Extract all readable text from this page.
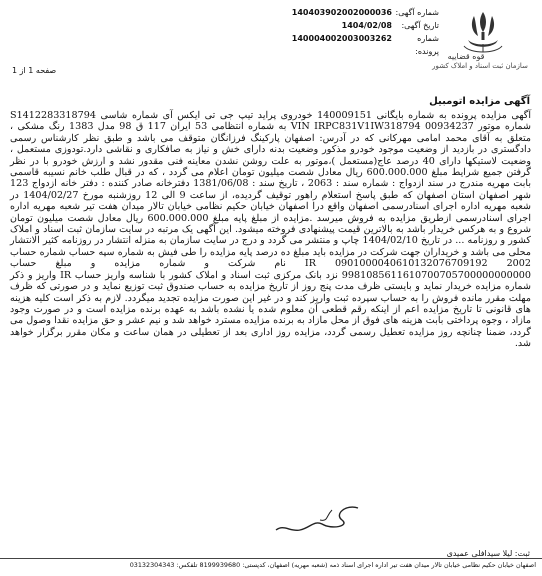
شماره آگهی:
تاریخ آگهی:
شماره پرونده:
140403902002000036
1404/02/08
140004002003003262
قوه قضاییه
سازمان ثبت اسناد و املاک کشور
صفحه 1 از 1
آگهی مزایده اتومبیل
آگهی مزایده پرونده به شماره بایگانی 140009151 خودروی پراید تیپ جی تی ایکس آی شماره شاسی S1412283318794 شماره موتور 00934237 VIN IRPC831V1IW318794 به شماره انتظامی 53 ایران 117 ق 98 مدل 1383 رنگ مشکی ، متعلق به آقای محمد امامی مهرکانی که در آدرس: اصفهان پارکینگ فرزانگان متوقف می باشد و طبق نظر کارشناس رسمی دادگستری در بازدید از وضعیت موجود خودرو مذکور وضعیت بدنه دارای خش و نیاز به صافکاری و نقاشی دارد.تودوزی مستعمل ، وضعیت لاستیکها دارای 40 درصد عاج(مستعمل )،موتور به علت روشن نشدن معاینه فنی مقدور نشد و ارزش خودرو با در نظر گرفتن جمیع شرایط مبلغ 600.000.000 ریال معادل شصت میلیون تومان اعلام می گردد ، که در قبال طلب خانم نسیبه قاسمی بابت مهریه مندرج در سند ازدواج : شماره سند : 2063 ، تاریخ سند : 1381/06/08 دفترخانه صادر کننده : دفتر خانه ازدواج 123 شهر اصفهان استان اصفهان که طبق پاسخ استعلام راهور توقیف گردیده، از ساعت 9 الی 12 روزشنبه مورخ 1404/02/27 در شعبه مهریه اداره اجرای اسنادرسمی اصفهان واقع درا اصفهان خیابان حکیم نظامی خیابان تالار میدان هفت تیر شعبه مهریه اداره اجرای اسنادرسمی ازطریق مزایده به فروش میرسد .مزایده از مبلغ پایه مبلغ 600.000.000 ریال معادل شصت میلیون تومان شروع و به هرکس خریدار باشد به بالاترین قیمت پیشنهادی فروخته میشود. این آگهی یک مرتبه در سایت سازمان ثبت اسناد و املاک کشور و روزنامه ... در تاریخ 1404/02/10 چاپ و منتشر می گردد و درج در سایت سازمان به منزله انتشار در روزنامه کثیر الانتشار محلی می باشد و خریداران جهت شرکت در مزایده باید مبلغ ده درصد پایه مزایده را طی فیش به شماره سپه حساب شماره حساب 2002 0901000040610132076709192 IR نام شرکت و شماره مزایده و مبلغ حساب 9981085611610700705700000000000 نزد بانک مرکزی ثبت اسناد و املاک کشور با شناسه واریز حساب IR واریز و ذکر شماره مزایده خریدار نماید و بایستی ظرف مدت پنج روز از تاریخ مزایده به حساب صندوق ثبت توزیع نماید و در صورتی که ظرف مهلت مقرر مانده فروش را به حساب سپرده ثبت واریز کند و در غیر این صورت مزایده تجدید میگردد. لازم به ذکر است کلیه هزینه های قانونی تا تاریخ مزایده اعم از اینکه رقم قطعی آن معلوم شده یا نشده باشد به عهده برنده مزایده است و در صورت وجود مازاد ، وجوه پرداختی بابت هزینه های فوق از محل مازاد به برنده مزایده مسترد خواهد شد و نیم عشر و حق مزایده نقدا وصول می گردد، ضمنا چنانچه روز مزایده تعطیل رسمی گردد، مزایده روز اداری بعد از تعطیلی در همان ساعت و مکان مقرر برگزار خواهد شد.
ثبت: لیلا سیدافلی عمیدی
اصفهان خیابان حکیم نظامی خیابان تالار میدان هفت تیر اداره اجرای اسناد ذمه (شعبه مهریه) اصفهان، کدپستی: 8199939680 تلفکس: 03132304343
